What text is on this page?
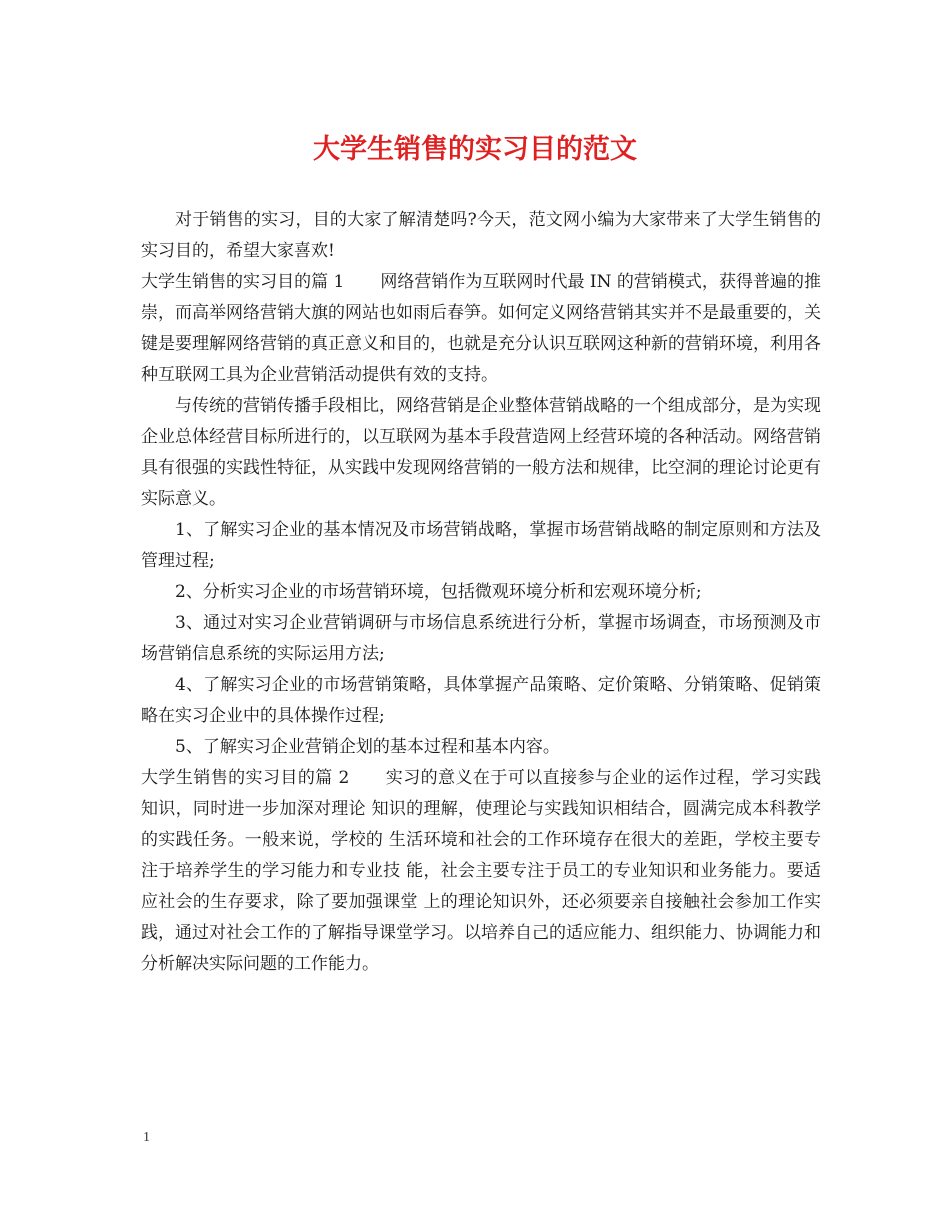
大学生销售的实习目的范文

对于销售的实习，目的大家了解清楚吗?今天，范文网小编为大家带来了大学生销售的实习目的，希望大家喜欢!

大学生销售的实习目的篇 1 网络营销作为互联网时代最 IN 的营销模式，获得普遍的推崇，而高举网络营销大旗的网站也如雨后春笋。如何定义网络营销其实并不是最重要的，关键是要理解网络营销的真正意义和目的，也就是充分认识互联网这种新的营销环境，利用各种互联网工具为企业营销活动提供有效的支持。

与传统的营销传播手段相比，网络营销是企业整体营销战略的一个组成部分，是为实现企业总体经营目标所进行的，以互联网为基本手段营造网上经营环境的各种活动。网络营销具有很强的实践性特征，从实践中发现网络营销的一般方法和规律，比空洞的理论讨论更有实际意义。

1、了解实习企业的基本情况及市场营销战略，掌握市场营销战略的制定原则和方法及管理过程;

2、分析实习企业的市场营销环境，包括微观环境分析和宏观环境分析;

3、通过对实习企业营销调研与市场信息系统进行分析，掌握市场调查，市场预测及市场营销信息系统的实际运用方法;

4、了解实习企业的市场营销策略，具体掌握产品策略、定价策略、分销策略、促销策略在实习企业中的具体操作过程;

5、了解实习企业营销企划的基本过程和基本内容。

大学生销售的实习目的篇 2 实习的意义在于可以直接参与企业的运作过程，学习实践知识，同时进一步加深对理论 知识的理解，使理论与实践知识相结合，圆满完成本科教学的实践任务。一般来说，学校的 生活环境和社会的工作环境存在很大的差距，学校主要专注于培养学生的学习能力和专业技 能，社会主要专注于员工的专业知识和业务能力。要适应社会的生存要求，除了要加强课堂 上的理论知识外，还必须要亲自接触社会参加工作实践，通过对社会工作的了解指导课堂学习。以培养自己的适应能力、组织能力、协调能力和分析解决实际问题的工作能力。

1
